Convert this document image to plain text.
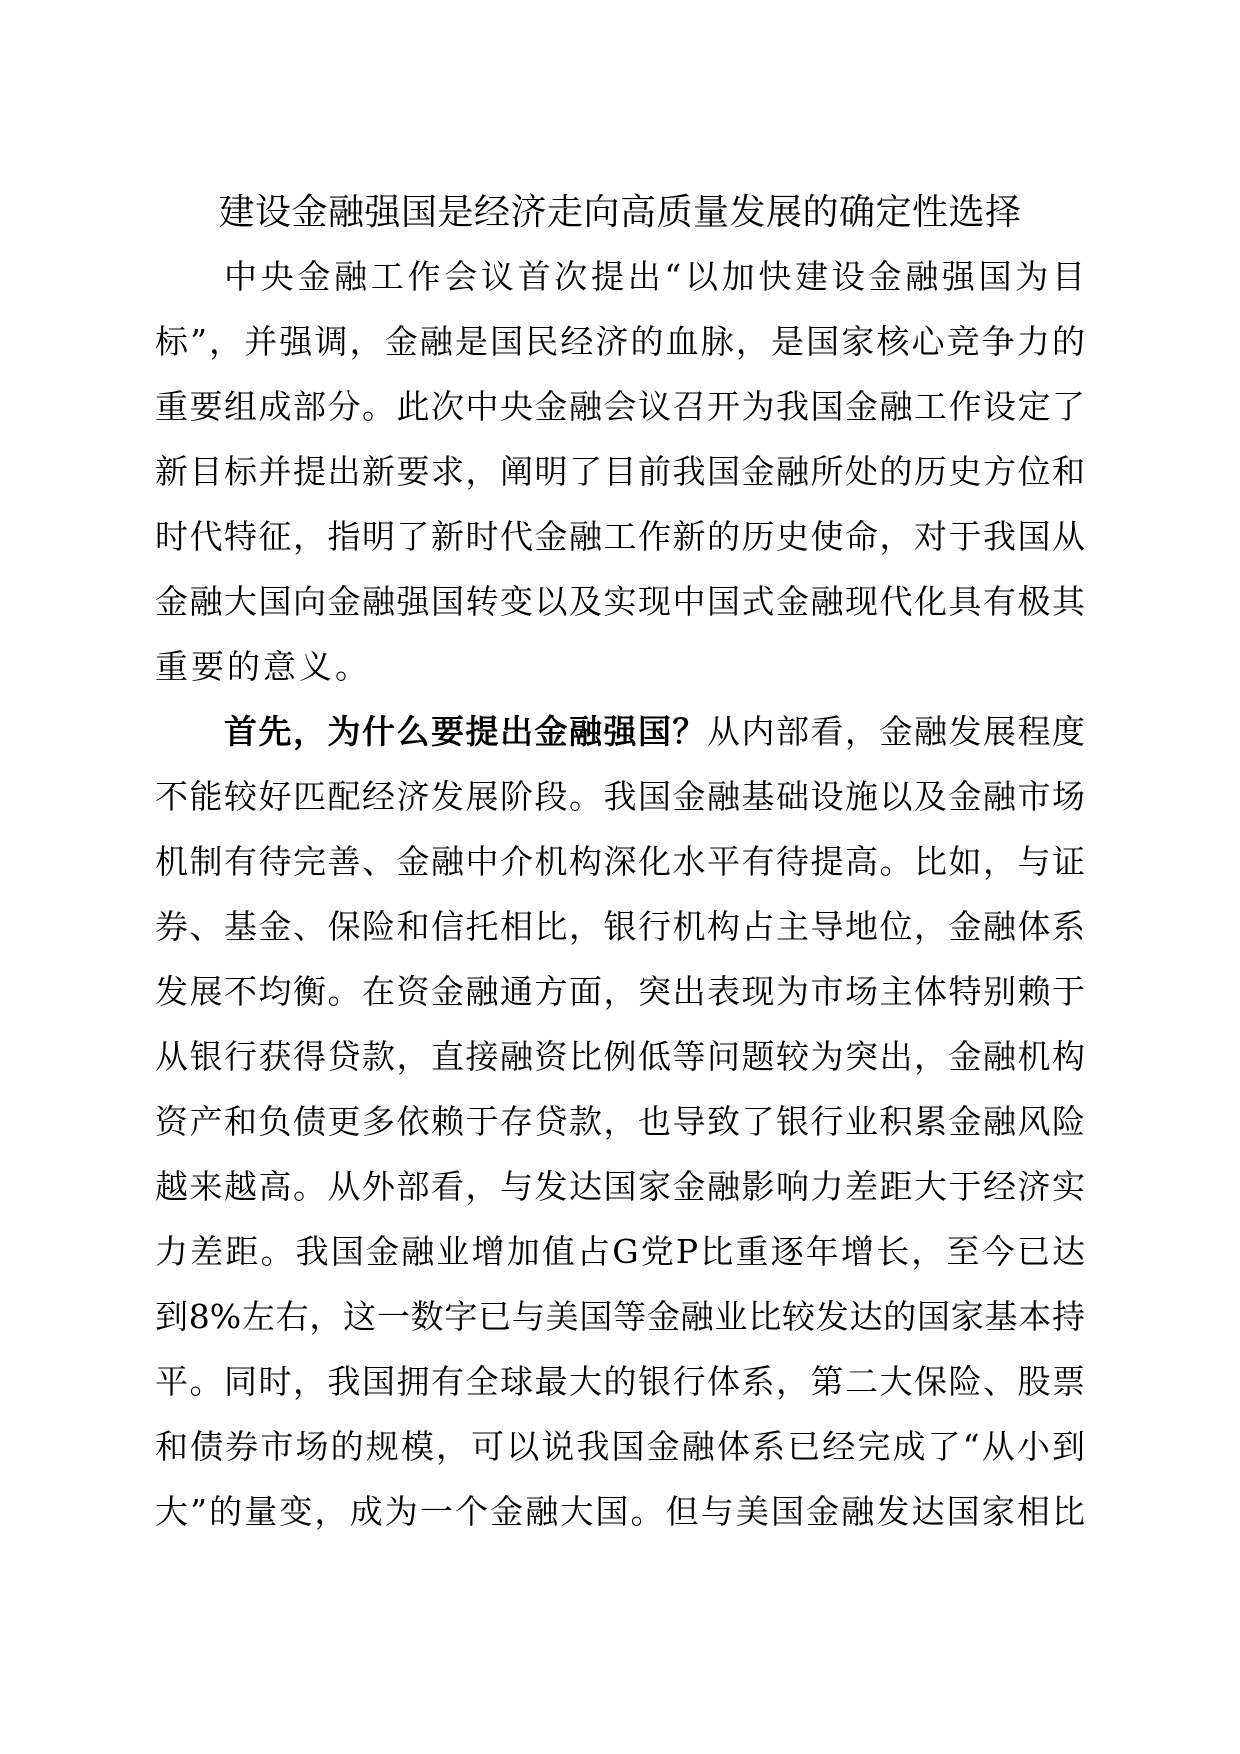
建设金融强国是经济走向高质量发展的确定性选择
中央金融工作会议首次提出“以加快建设金融强国为目
标”，并强调，金融是国民经济的血脉，是国家核心竞争力的
重要组成部分。此次中央金融会议召开为我国金融工作设定了
新目标并提出新要求，阐明了目前我国金融所处的历史方位和
时代特征，指明了新时代金融工作新的历史使命，对于我国从
金融大国向金融强国转变以及实现中国式金融现代化具有极其
重要的意义。
首先，为什么要提出金融强国？从内部看，金融发展程度
不能较好匹配经济发展阶段。我国金融基础设施以及金融市场
机制有待完善、金融中介机构深化水平有待提高。比如，与证
券、基金、保险和信托相比，银行机构占主导地位，金融体系
发展不均衡。在资金融通方面，突出表现为市场主体特别赖于
从银行获得贷款，直接融资比例低等问题较为突出，金融机构
资产和负债更多依赖于存贷款，也导致了银行业积累金融风险
越来越高。从外部看，与发达国家金融影响力差距大于经济实
力差距。我国金融业增加值占G党P比重逐年增长，至今已达
到8%左右，这一数字已与美国等金融业比较发达的国家基本持
平。同时，我国拥有全球最大的银行体系，第二大保险、股票
和债券市场的规模，可以说我国金融体系已经完成了“从小到
大”的量变，成为一个金融大国。但与美国金融发达国家相比
